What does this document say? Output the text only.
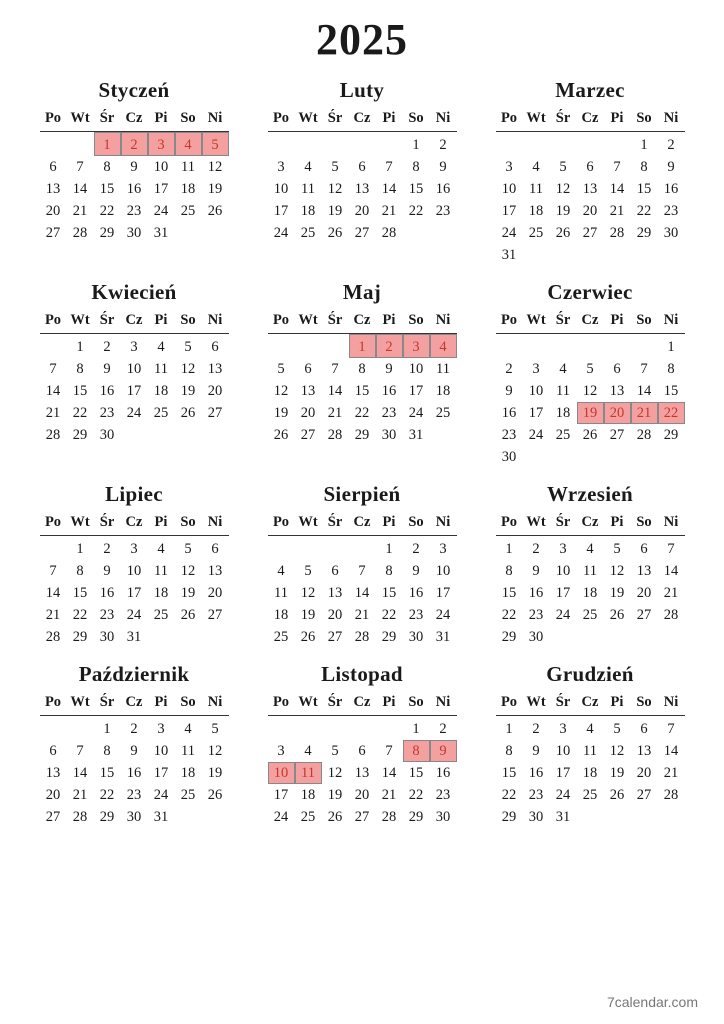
2025
Styczeń
Po	Wt	Śr	Cz	Pi	So	Ni
		1	2	3	4	5
6	7	8	9	10	11	12
13	14	15	16	17	18	19
20	21	22	23	24	25	26
27	28	29	30	31		
Luty
Po	Wt	Śr	Cz	Pi	So	Ni
					1	2
3	4	5	6	7	8	9
10	11	12	13	14	15	16
17	18	19	20	21	22	23
24	25	26	27	28		
Marzec
Po	Wt	Śr	Cz	Pi	So	Ni
					1	2
3	4	5	6	7	8	9
10	11	12	13	14	15	16
17	18	19	20	21	22	23
24	25	26	27	28	29	30
31						
Kwiecień
Po	Wt	Śr	Cz	Pi	So	Ni
	1	2	3	4	5	6
7	8	9	10	11	12	13
14	15	16	17	18	19	20
21	22	23	24	25	26	27
28	29	30				
Maj
Po	Wt	Śr	Cz	Pi	So	Ni
			1	2	3	4
5	6	7	8	9	10	11
12	13	14	15	16	17	18
19	20	21	22	23	24	25
26	27	28	29	30	31	
Czerwiec
Po	Wt	Śr	Cz	Pi	So	Ni
						1
2	3	4	5	6	7	8
9	10	11	12	13	14	15
16	17	18	19	20	21	22
23	24	25	26	27	28	29
30						
Lipiec
Po	Wt	Śr	Cz	Pi	So	Ni
	1	2	3	4	5	6
7	8	9	10	11	12	13
14	15	16	17	18	19	20
21	22	23	24	25	26	27
28	29	30	31			
Sierpień
Po	Wt	Śr	Cz	Pi	So	Ni
				1	2	3
4	5	6	7	8	9	10
11	12	13	14	15	16	17
18	19	20	21	22	23	24
25	26	27	28	29	30	31
Wrzesień
Po	Wt	Śr	Cz	Pi	So	Ni
1	2	3	4	5	6	7
8	9	10	11	12	13	14
15	16	17	18	19	20	21
22	23	24	25	26	27	28
29	30					
Październik
Po	Wt	Śr	Cz	Pi	So	Ni
		1	2	3	4	5
6	7	8	9	10	11	12
13	14	15	16	17	18	19
20	21	22	23	24	25	26
27	28	29	30	31		
Listopad
Po	Wt	Śr	Cz	Pi	So	Ni
					1	2
3	4	5	6	7	8	9
10	11	12	13	14	15	16
17	18	19	20	21	22	23
24	25	26	27	28	29	30
Grudzień
Po	Wt	Śr	Cz	Pi	So	Ni
1	2	3	4	5	6	7
8	9	10	11	12	13	14
15	16	17	18	19	20	21
22	23	24	25	26	27	28
29	30	31				
7calendar.com
